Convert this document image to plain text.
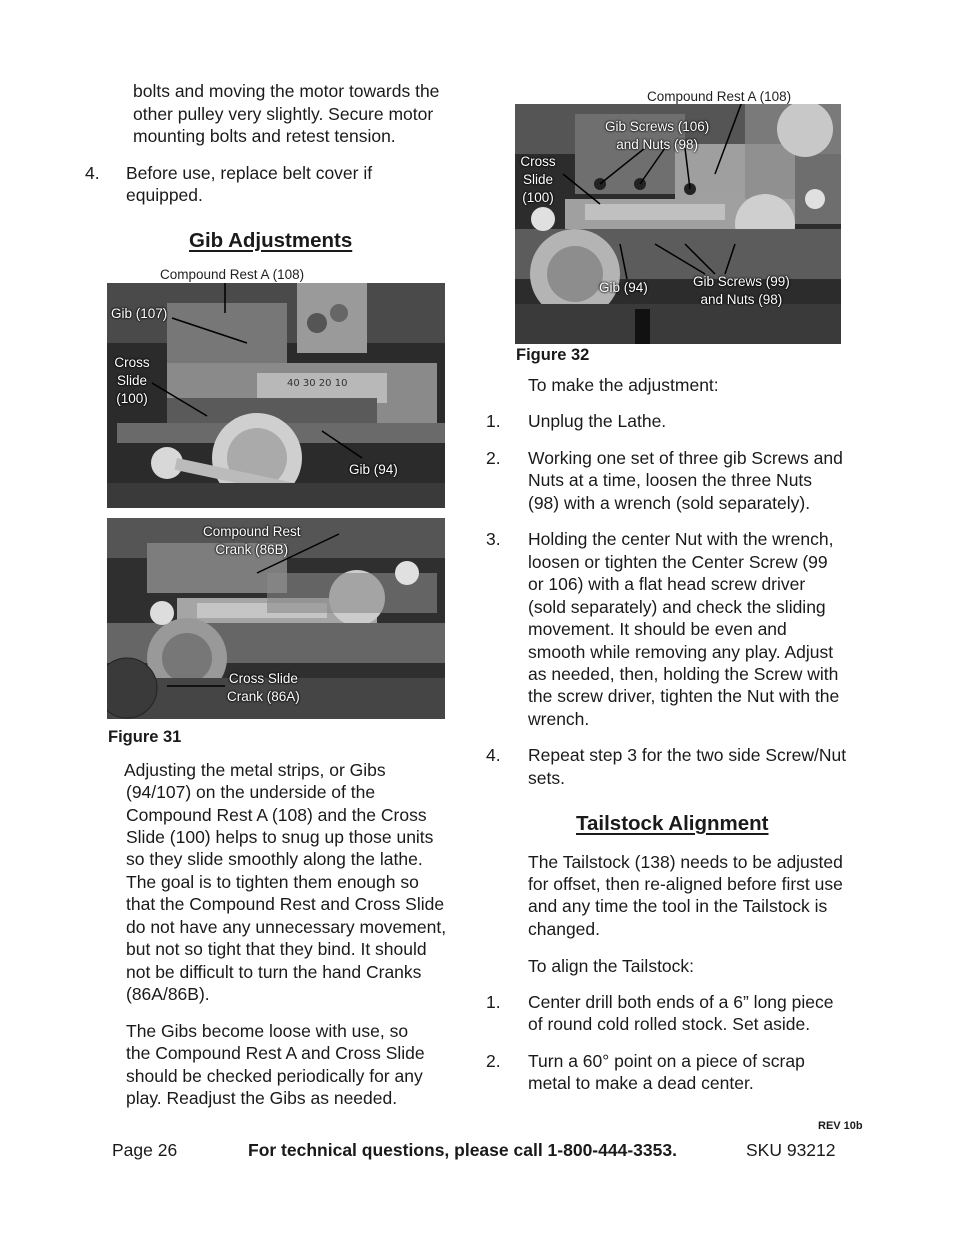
bolts and moving the motor towards the
other pulley very slightly. Secure motor
mounting bolts and retest tension.
4. Before use, replace belt cover if
equipped.
Gib Adjustments
Compound Rest A (108)
40 30 20 10
Gib (107)
Cross
Slide
(100)
Gib (94)
Compound Rest
Crank (86B)
Cross Slide
Crank (86A)
Figure 31
Adjusting the metal strips, or Gibs
(94/107) on the underside of the
Compound Rest A (108) and the Cross
Slide (100) helps to snug up those units
so they slide smoothly along the lathe.
The goal is to tighten them enough so
that the Compound Rest and Cross Slide
do not have any unnecessary movement,
but not so tight that they bind. It should
not be difficult to turn the hand Cranks
(86A/86B).
The Gibs become loose with use, so
the Compound Rest A and Cross Slide
should be checked periodically for any
play. Readjust the Gibs as needed.
Compound Rest A (108)
Gib Screws (106)
and Nuts (98)
Cross
Slide
(100)
Gib (94)	Gib Screws (99)
and Nuts (98)
Figure 32
To make the adjustment:
1. Unplug the Lathe.
2. Working one set of three gib Screws and
Nuts at a time, loosen the three Nuts
(98) with a wrench (sold separately).
3. Holding the center Nut with the wrench,
loosen or tighten the Center Screw (99
or 106) with a flat head screw driver
(sold separately) and check the sliding
movement. It should be even and
smooth while removing any play. Adjust
as needed, then, holding the Screw with
the screw driver, tighten the Nut with the
wrench.
4. Repeat step 3 for the two side Screw/Nut
sets.
Tailstock Alignment
The Tailstock (138) needs to be adjusted
for offset, then re-aligned before first use
and any time the tool in the Tailstock is
changed.
To align the Tailstock:
1. Center drill both ends of a 6” long piece
of round cold rolled stock. Set aside.
2. Turn a 60° point on a piece of scrap
metal to make a dead center.
REV 10b
Page 26	For technical questions, please call 1-800-444-3353.	SKU 93212
